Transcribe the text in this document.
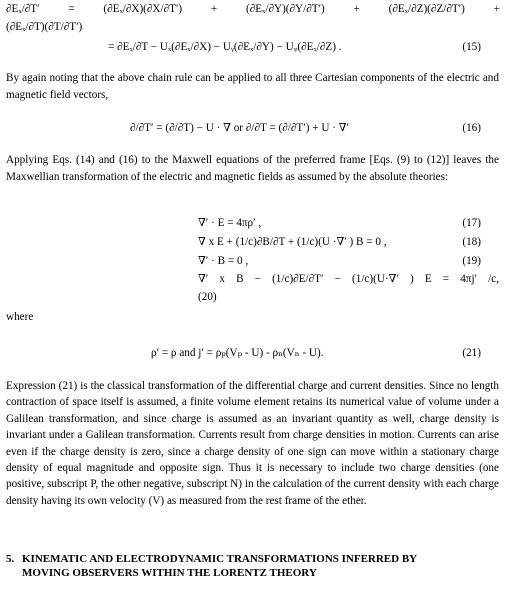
∂Eₓ/∂T′ = (∂Eₓ/∂X)(∂X/∂T′) + (∂Eₓ/∂Y)(∂Y/∂T′) + (∂Eₓ/∂Z)(∂Z/∂T′) +
(∂Eₓ/∂T)(∂T/∂T′)
= ∂Eₓ/∂T − Uₓ(∂Eₓ/∂X) − Uᵧ(∂Eₓ/∂Y) − Uᵩ(∂Eₓ/∂Z) .	(15)
By again noting that the above chain rule can be applied to all three Cartesian components of the electric and magnetic field vectors,
∂/∂T′ = (∂/∂T) − U · ∇ or ∂/∂T = (∂/∂T′) + U · ∇′	(16)
Applying Eqs. (14) and (16) to the Maxwell equations of the preferred frame [Eqs. (9) to (12)] leaves the Maxwellian transformation of the electric and magnetic fields as assumed by the absolute theories:
∇′ · E = 4πρ′ ,	(17)
∇ x E + (1/c)∂B/∂T + (1/c)(U ·∇′ ) B = 0 ,	(18)
∇′ · B = 0 ,	(19)
∇′ x B − (1/c)∂E/∂T′ − (1/c)(U·∇′ ) E = 4πj′ /c,
(20)
where
ρ′ = ρ and j′ = ρₚ(Vₚ - U) - ρₙ(Vₙ - U).	(21)
Expression (21) is the classical transformation of the differential charge and current densities. Since no length contraction of space itself is assumed, a finite volume element retains its numerical value of volume under a Galilean transformation, and since charge is assumed as an invariant quantity as well, charge density is invariant under a Galilean transformation. Currents result from charge densities in motion. Currents can arise even if the charge density is zero, since a charge density of one sign can move within a stationary charge density of equal magnitude and opposite sign. Thus it is necessary to include two charge densities (one positive, subscript P, the other negative, subscript N) in the calculation of the current density with each charge density having its own velocity (V) as measured from the rest frame of the ether.
5. KINEMATIC AND ELECTRODYNAMIC TRANSFORMATIONS INFERRED BY
MOVING OBSERVERS WITHIN THE LORENTZ THEORY
